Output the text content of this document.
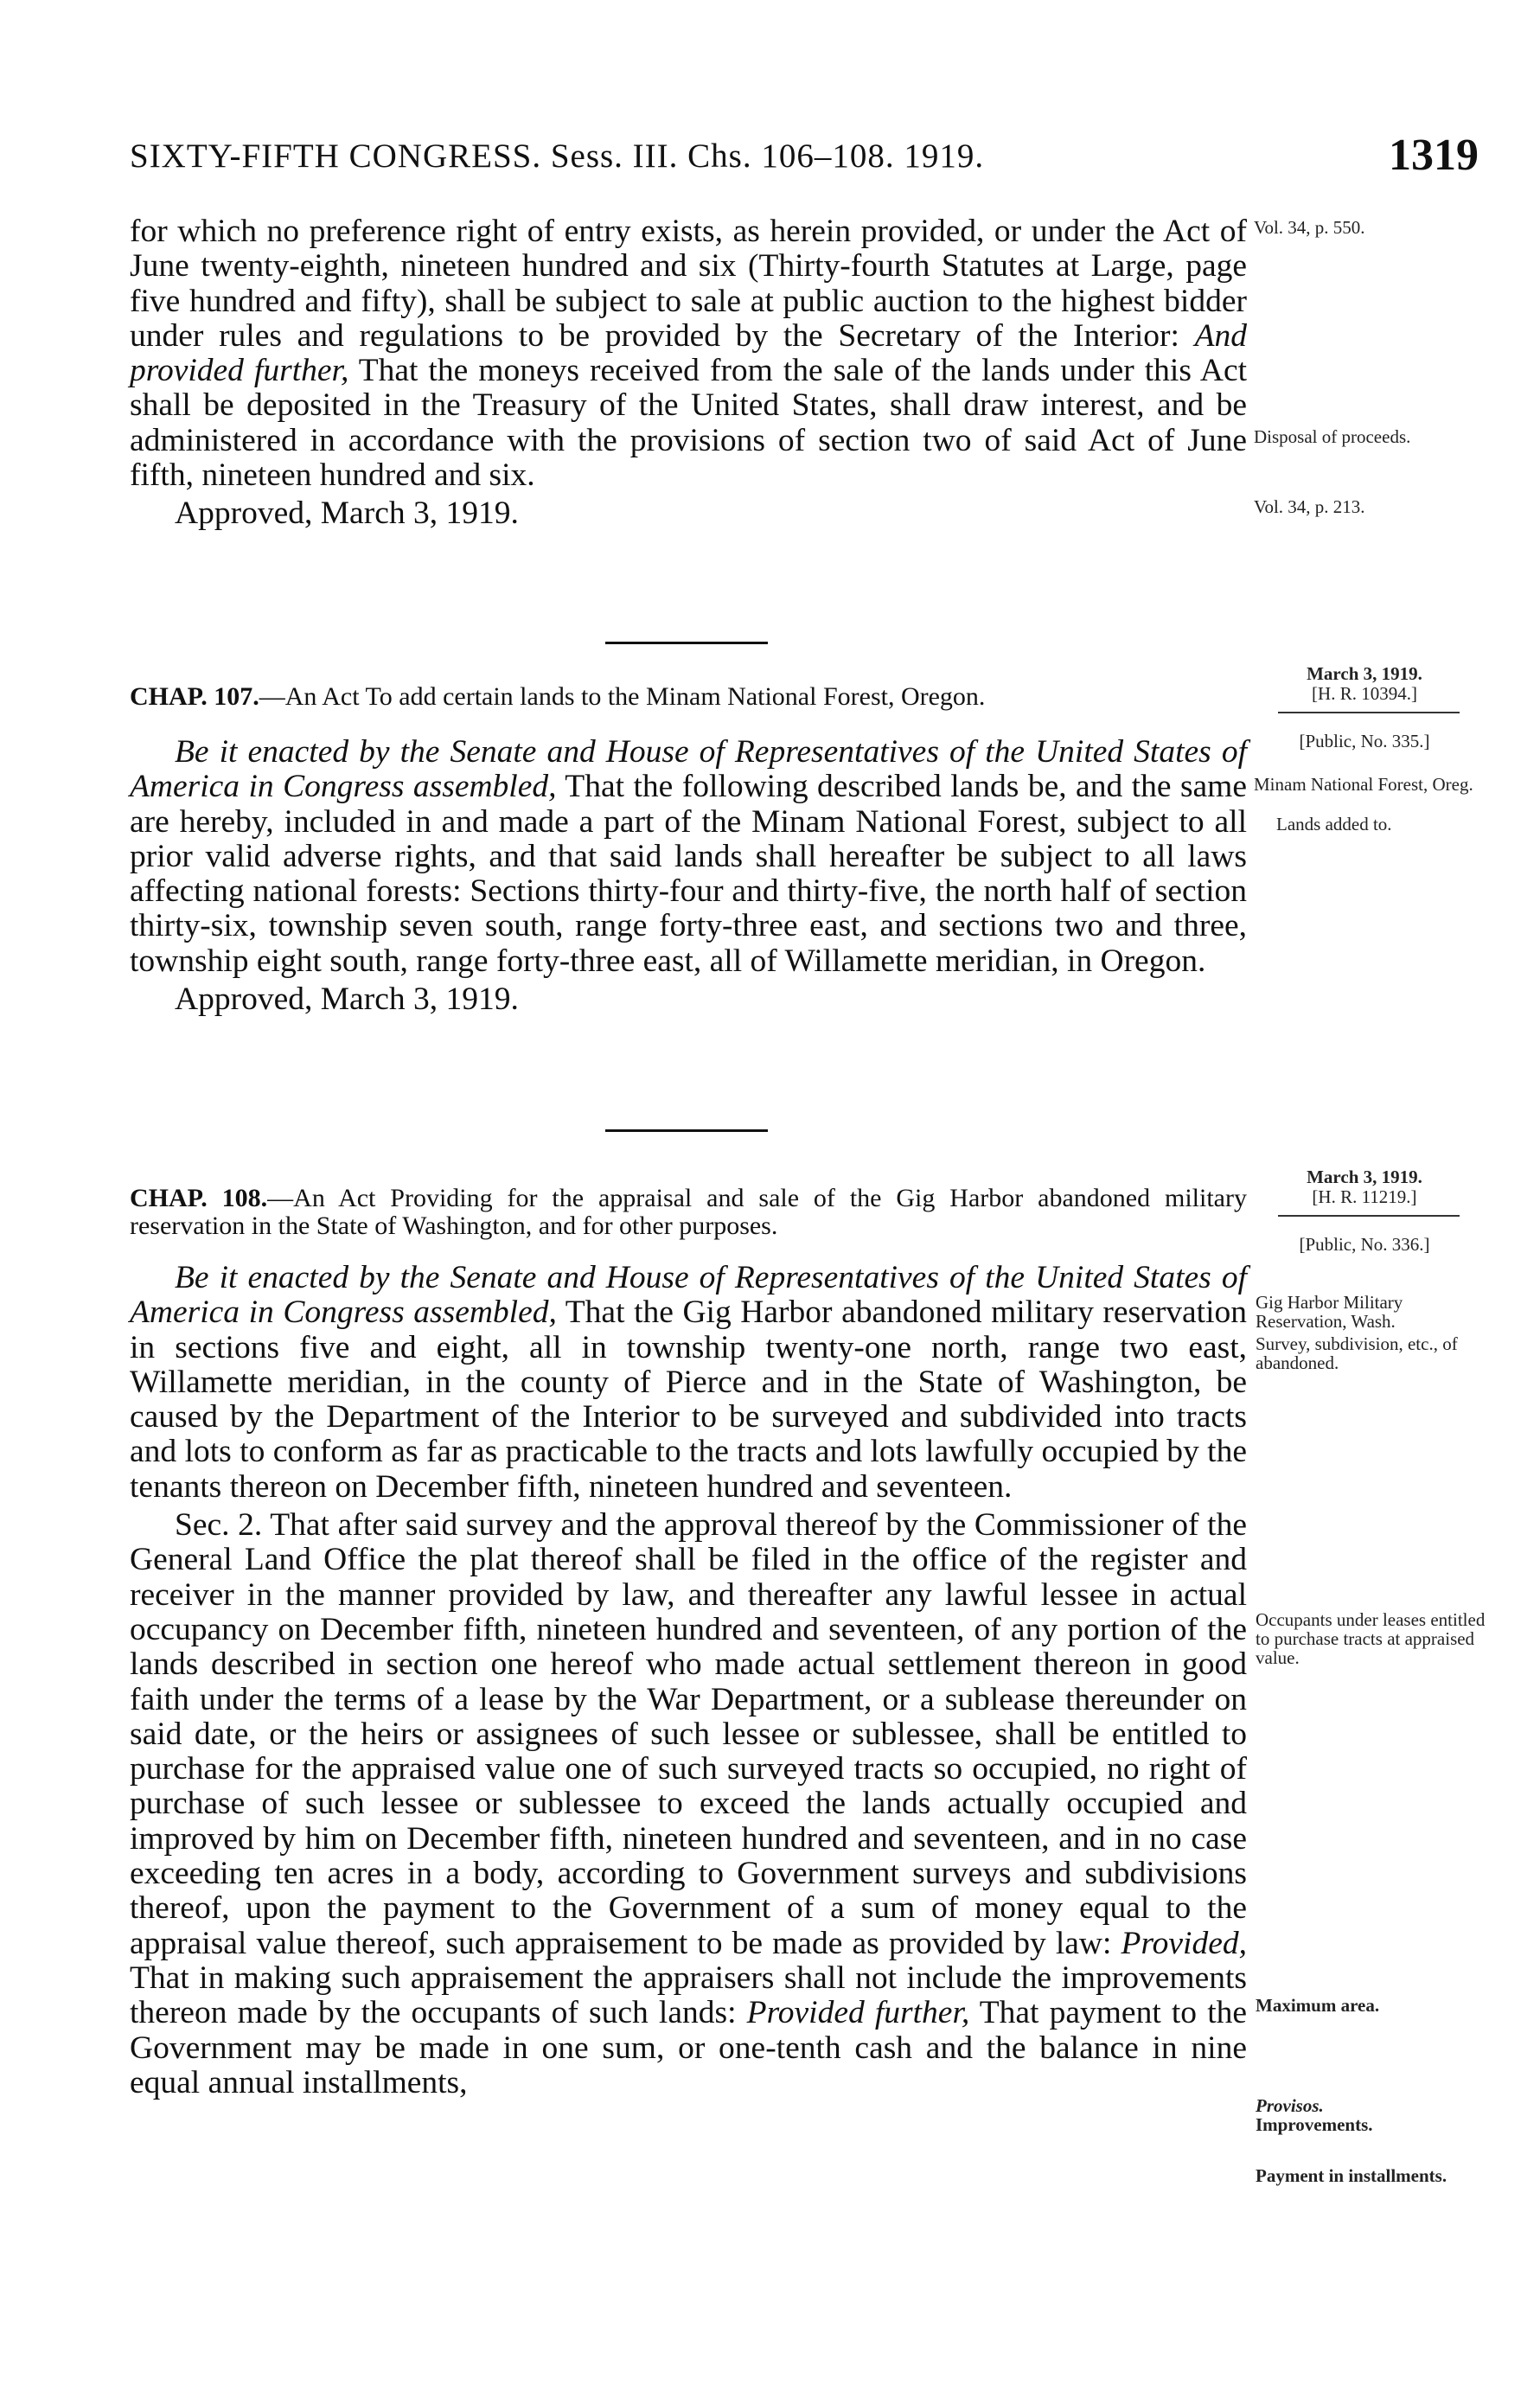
SIXTY-FIFTH CONGRESS. Sess. III. Chs. 106–108. 1919.	1319

for which no preference right of entry exists, as herein provided, or under the Act of June twenty-eighth, nineteen hundred and six (Thirty-fourth Statutes at Large, page five hundred and fifty), shall be subject to sale at public auction to the highest bidder under rules and regulations to be provided by the Secretary of the Interior: And provided further, That the moneys received from the sale of the lands under this Act shall be deposited in the Treasury of the United States, shall draw interest, and be administered in accordance with the provisions of section two of said Act of June fifth, nineteen hundred and six.

Approved, March 3, 1919.

Vol. 34, p. 550.
Disposal of proceeds.
Vol. 34, p. 213.
CHAP. 107.—An Act To add certain lands to the Minam National Forest, Oregon.
March 3, 1919.
[H. R. 10394.]
[Public, No. 335.]

Be it enacted by the Senate and House of Representatives of the United States of America in Congress assembled, That the following described lands be, and the same are hereby, included in and made a part of the Minam National Forest, subject to all prior valid adverse rights, and that said lands shall hereafter be subject to all laws affecting national forests: Sections thirty-four and thirty-five, the north half of section thirty-six, township seven south, range forty-three east, and sections two and three, township eight south, range forty-three east, all of Willamette meridian, in Oregon.

Approved, March 3, 1919.

Minam National Forest, Oreg.
Lands added to.
CHAP. 108.—An Act Providing for the appraisal and sale of the Gig Harbor abandoned military reservation in the State of Washington, and for other purposes.
March 3, 1919.
[H. R. 11219.]
[Public, No. 336.]

Be it enacted by the Senate and House of Representatives of the United States of America in Congress assembled, That the Gig Harbor abandoned military reservation in sections five and eight, all in township twenty-one north, range two east, Willamette meridian, in the county of Pierce and in the State of Washington, be caused by the Department of the Interior to be surveyed and subdivided into tracts and lots to conform as far as practicable to the tracts and lots lawfully occupied by the tenants thereon on December fifth, nineteen hundred and seventeen.

Sec. 2. That after said survey and the approval thereof by the Commissioner of the General Land Office the plat thereof shall be filed in the office of the register and receiver in the manner provided by law, and thereafter any lawful lessee in actual occupancy on December fifth, nineteen hundred and seventeen, of any portion of the lands described in section one hereof who made actual settlement thereon in good faith under the terms of a lease by the War Department, or a sublease thereunder on said date, or the heirs or assignees of such lessee or sublessee, shall be entitled to purchase for the appraised value one of such surveyed tracts so occupied, no right of purchase of such lessee or sublessee to exceed the lands actually occupied and improved by him on December fifth, nineteen hundred and seventeen, and in no case exceeding ten acres in a body, according to Government surveys and subdivisions thereof, upon the payment to the Government of a sum of money equal to the appraisal value thereof, such appraisement to be made as provided by law: Provided, That in making such appraisement the appraisers shall not include the improvements thereon made by the occupants of such lands: Provided further, That payment to the Government may be made in one sum, or one-tenth cash and the balance in nine equal annual installments,

Gig Harbor Military Reservation, Wash.
Survey, subdivision, etc., of abandoned.
Occupants under leases entitled to purchase tracts at appraised value.
Maximum area.
Provisos.
Improvements.
Payment in installments.
